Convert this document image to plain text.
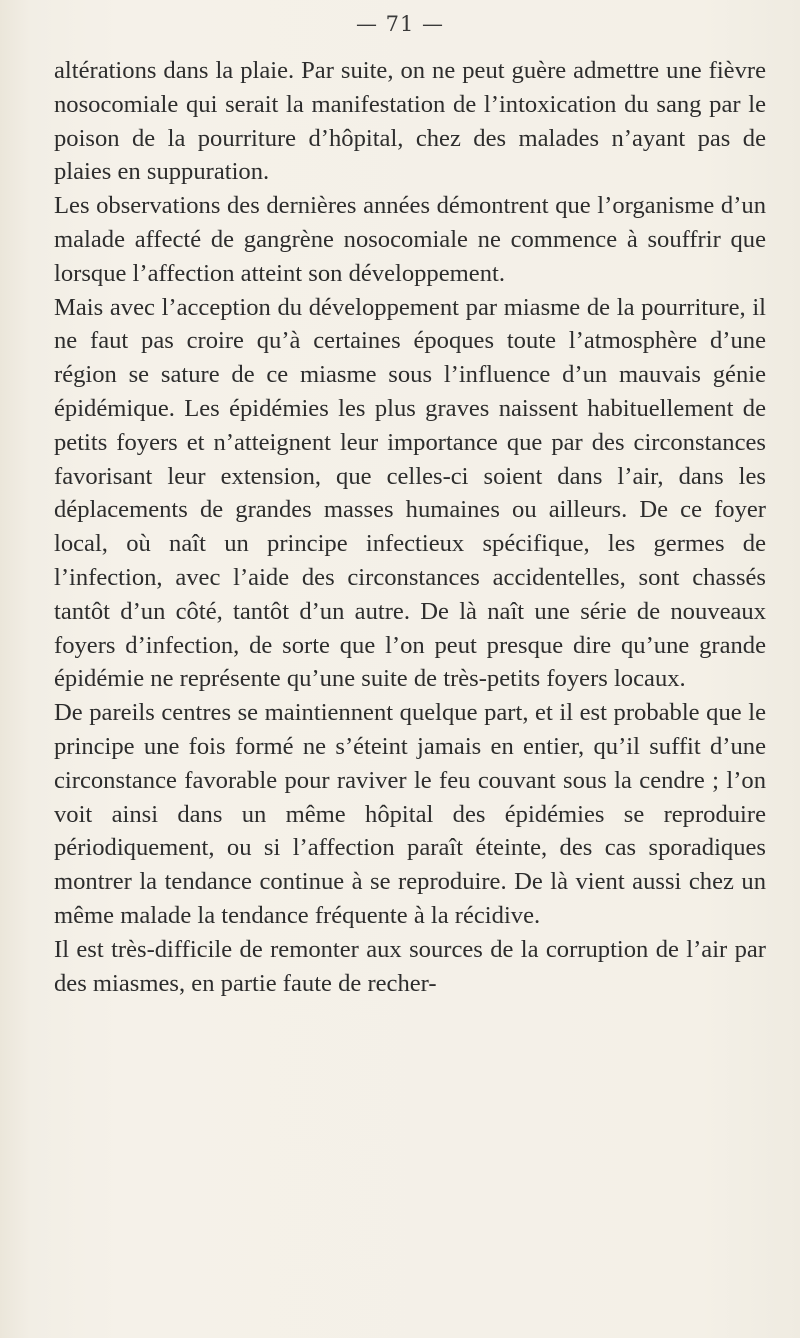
— 71 —

altérations dans la plaie. Par suite, on ne peut guère admettre une fièvre nosocomiale qui serait la manifestation de l’intoxication du sang par le poison de la pourriture d’hôpital, chez des malades n’ayant pas de plaies en suppuration.

Les observations des dernières années démontrent que l’organisme d’un malade affecté de gangrène nosocomiale ne commence à souffrir que lorsque l’affection atteint son développement.

Mais avec l’acception du développement par miasme de la pourriture, il ne faut pas croire qu’à certaines époques toute l’atmosphère d’une région se sature de ce miasme sous l’influence d’un mauvais génie épidémique. Les épidémies les plus graves naissent habituellement de petits foyers et n’atteignent leur importance que par des circonstances favorisant leur extension, que celles-ci soient dans l’air, dans les déplacements de grandes masses humaines ou ailleurs. De ce foyer local, où naît un principe infectieux spécifique, les germes de l’infection, avec l’aide des circonstances accidentelles, sont chassés tantôt d’un côté, tantôt d’un autre. De là naît une série de nouveaux foyers d’infection, de sorte que l’on peut presque dire qu’une grande épidémie ne représente qu’une suite de très-petits foyers locaux.

De pareils centres se maintiennent quelque part, et il est probable que le principe une fois formé ne s’éteint jamais en entier, qu’il suffit d’une circonstance favorable pour raviver le feu couvant sous la cendre ; l’on voit ainsi dans un même hôpital des épidémies se reproduire périodiquement, ou si l’affection paraît éteinte, des cas sporadiques montrer la tendance continue à se reproduire. De là vient aussi chez un même malade la tendance fréquente à la récidive.

Il est très-difficile de remonter aux sources de la corruption de l’air par des miasmes, en partie faute de recher-
